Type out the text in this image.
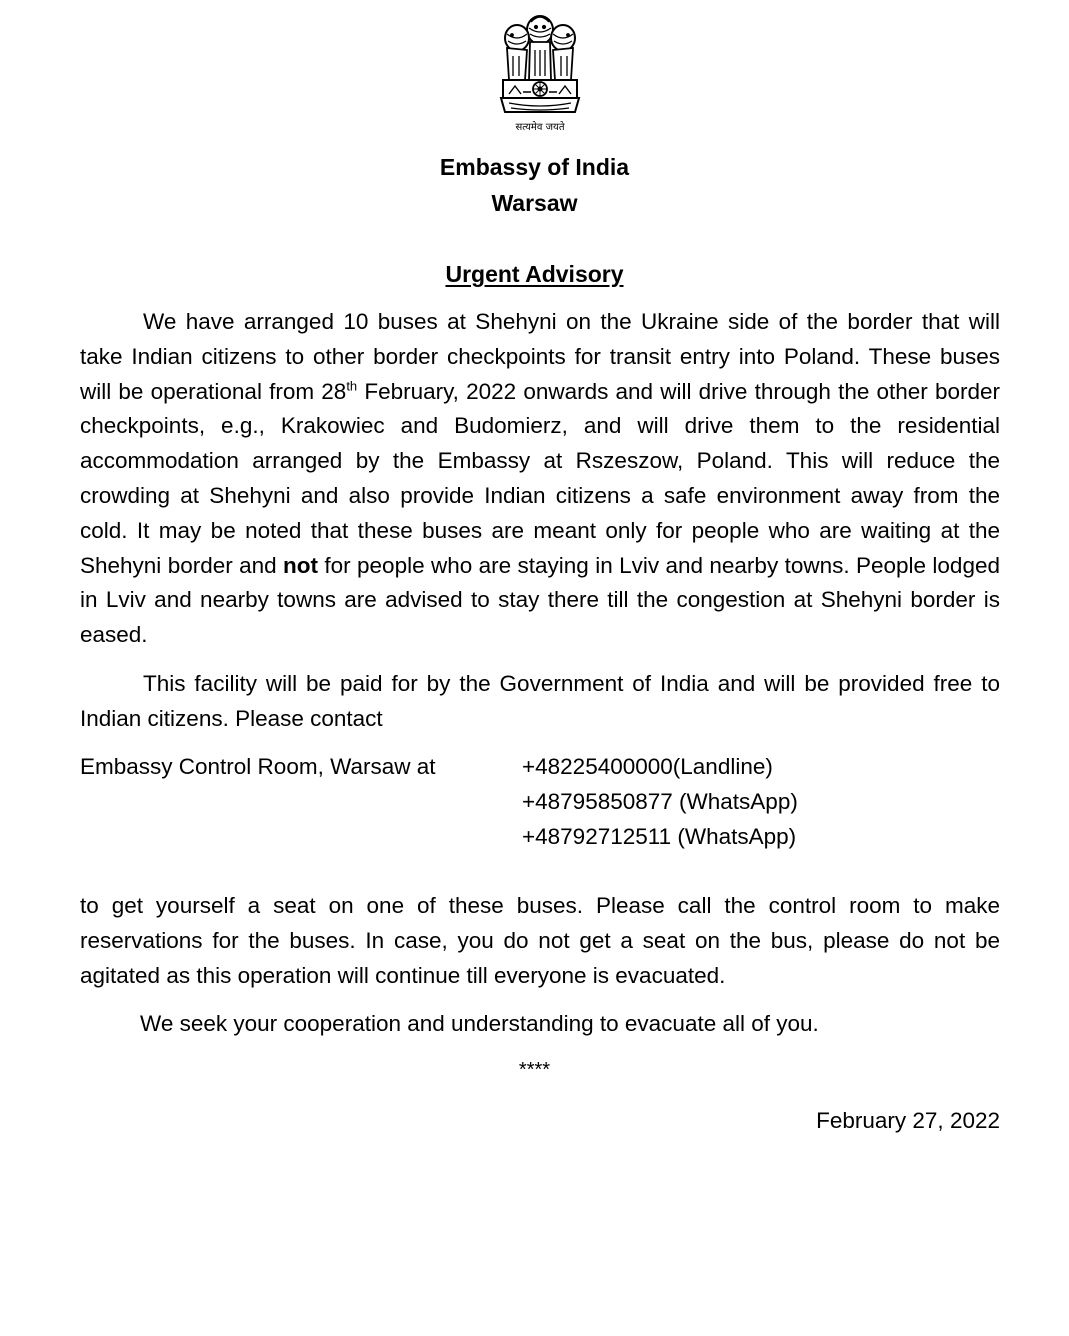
सत्यमेव जयते
Embassy of India
Warsaw
Urgent Advisory

We have arranged 10 buses at Shehyni on the Ukraine side of the border that will take Indian citizens to other border checkpoints for transit entry into Poland. These buses will be operational from 28th February, 2022 onwards and will drive through the other border checkpoints, e.g., Krakowiec and Budomierz, and will drive them to the residential accommodation arranged by the Embassy at Rszeszow, Poland. This will reduce the crowding at Shehyni and also provide Indian citizens a safe environment away from the cold. It may be noted that these buses are meant only for people who are waiting at the Shehyni border and not for people who are staying in Lviv and nearby towns. People lodged in Lviv and nearby towns are advised to stay there till the congestion at Shehyni border is eased.

This facility will be paid for by the Government of India and will be provided free to Indian citizens. Please contact

Embassy Control Room, Warsaw at	+48225400000(Landline)
+48795850877 (WhatsApp)
+48792712511 (WhatsApp)

to get yourself a seat on one of these buses. Please call the control room to make reservations for the buses. In case, you do not get a seat on the bus, please do not be agitated as this operation will continue till everyone is evacuated.

We seek your cooperation and understanding to evacuate all of you.

****
February 27, 2022
